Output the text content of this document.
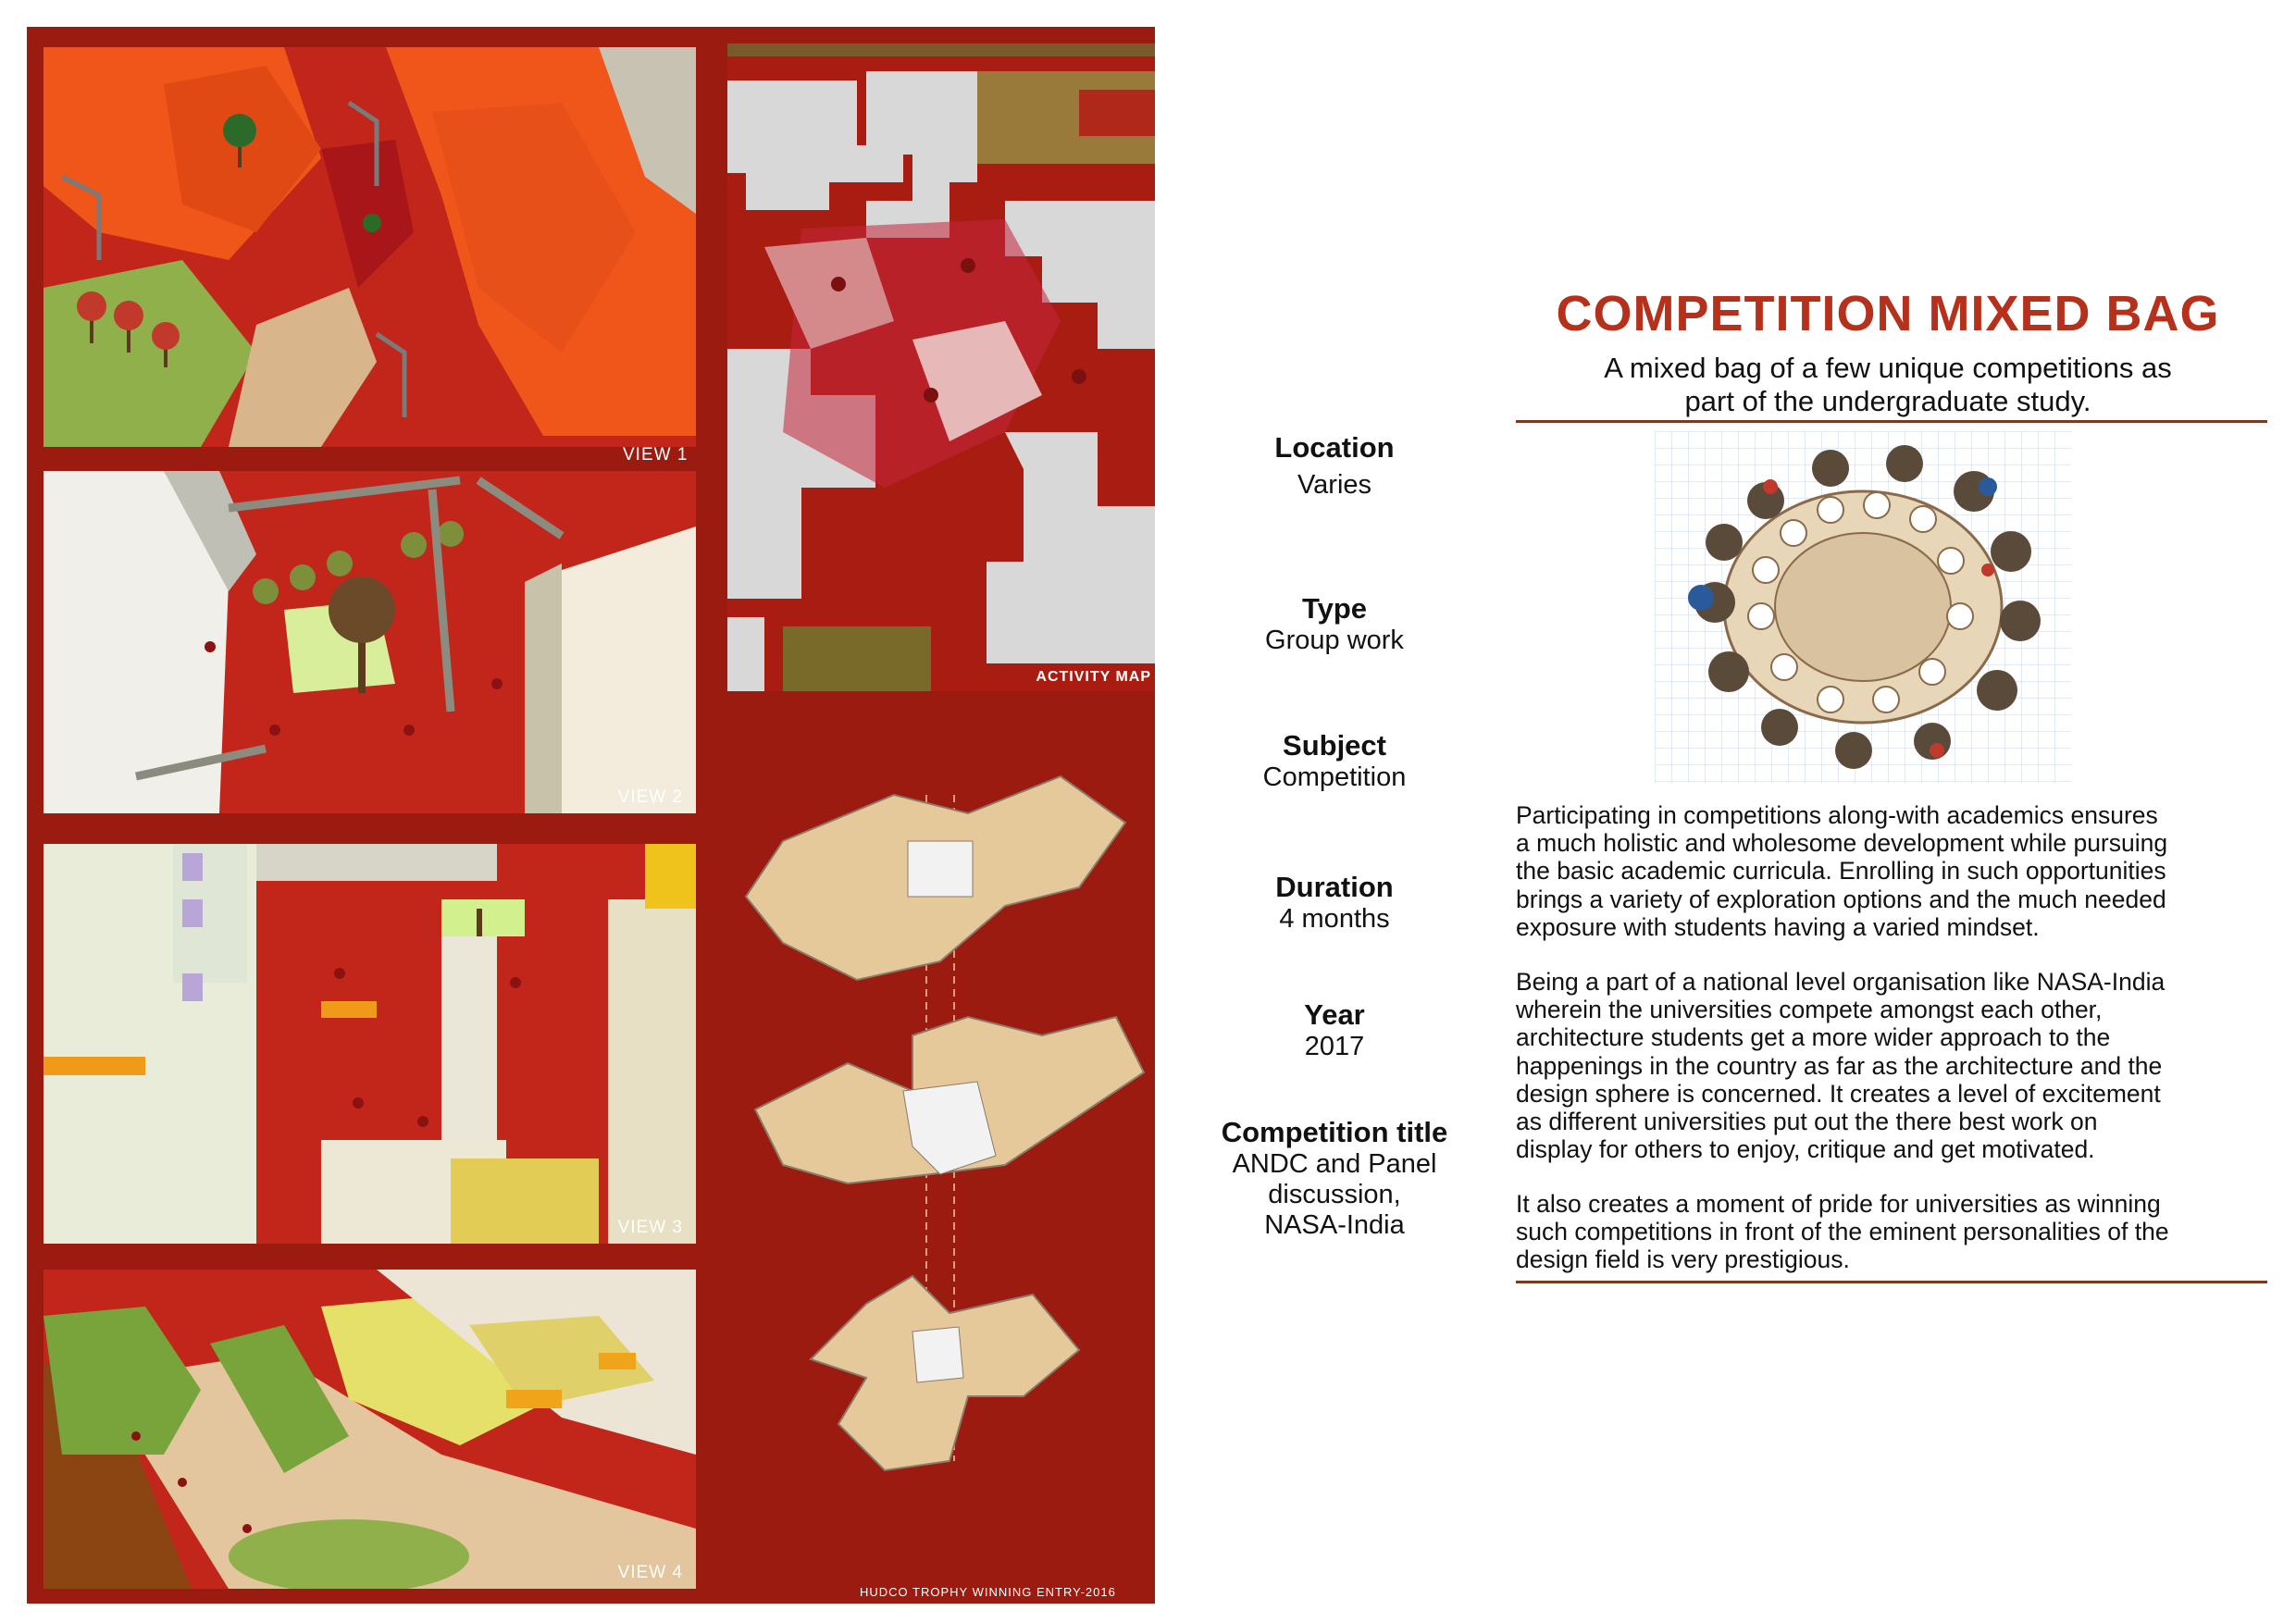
VIEW 1
VIEW 2
VIEW 3
VIEW 4
ACTIVITY MAP
HUDCO TROPHY WINNING ENTRY-2016
Location
Varies
Type
Group work
Subject
Competition
Duration
4 months
Year
2017
Competition title
ANDC and Panel
discussion,
NASA-India
COMPETITION MIXED BAG
A mixed bag of a few unique competitions as
part of the undergraduate study.
Participating in competitions along-with academics ensures
a much holistic and wholesome development while pursuing
the basic academic curricula. Enrolling in such opportunities
brings a variety of exploration options and the much needed
exposure with students having a varied mindset.
Being a part of a national level organisation like NASA-India
wherein the universities compete amongst each other,
architecture students get a more wider approach to the
happenings in the country as far as the architecture and the
design sphere is concerned. It creates a level of excitement
as different universities put out the there best work on
display for others to enjoy, critique and get motivated.
It also creates a moment of pride for universities as winning
such competitions in front of the eminent personalities of the
design field is very prestigious.
